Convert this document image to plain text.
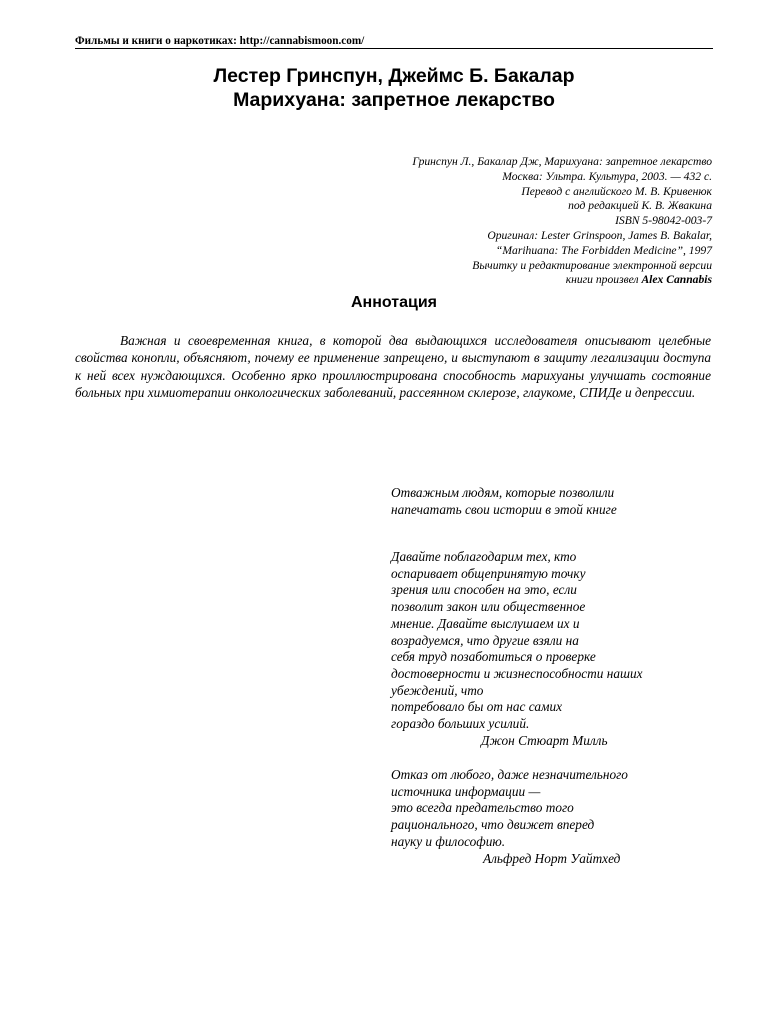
Фильмы и книги о наркотиках: http://cannabismoon.com/
Лестер Гринспун, Джеймс Б. Бакалар
Марихуана: запретное лекарство
Гринспун Л., Бакалар Дж, Марихуана: запретное лекарство
Москва: Ультра. Культура, 2003. — 432 с.
Перевод с английского М. В. Кривенюк
под редакцией К. В. Жвакина
ISBN 5-98042-003-7
Оригинал: Lester Grinspoon, James B. Bakalar,
“Marihuana: The Forbidden Medicine”, 1997
Вычитку и редактирование электронной версии
книги произвел Alex Cannabis
Аннотация

Важная и своевременная книга, в которой два выдающихся исследователя описывают целебные свойства конопли, объясняют, почему ее применение запрещено, и выступают в защиту легализации доступа к ней всех нуждающихся. Особенно ярко проиллюстрирована способность марихуаны улучшать состояние больных при химиотерапии онкологических заболеваний, рассеянном склерозе, глаукоме, СПИДе и депрессии.

Отважным людям, которые позволили
напечатать свои истории в этой книге
Давайте поблагодарим тех, кто
оспаривает общепринятую точку
зрения или способен на это, если
позволит закон или общественное
мнение. Давайте выслушаем их и
возрадуемся, что другие взяли на
себя труд позаботиться о проверке
достоверности и жизнеспособности наших
убеждений, что
потребовало бы от нас самих
гораздо больших усилий.
Джон Стюарт Милль
Отказ от любого, даже незначительного
источника информации —
это всегда предательство того
рационального, что движет вперед
науку и философию.
Альфред Норт Уайтхед
